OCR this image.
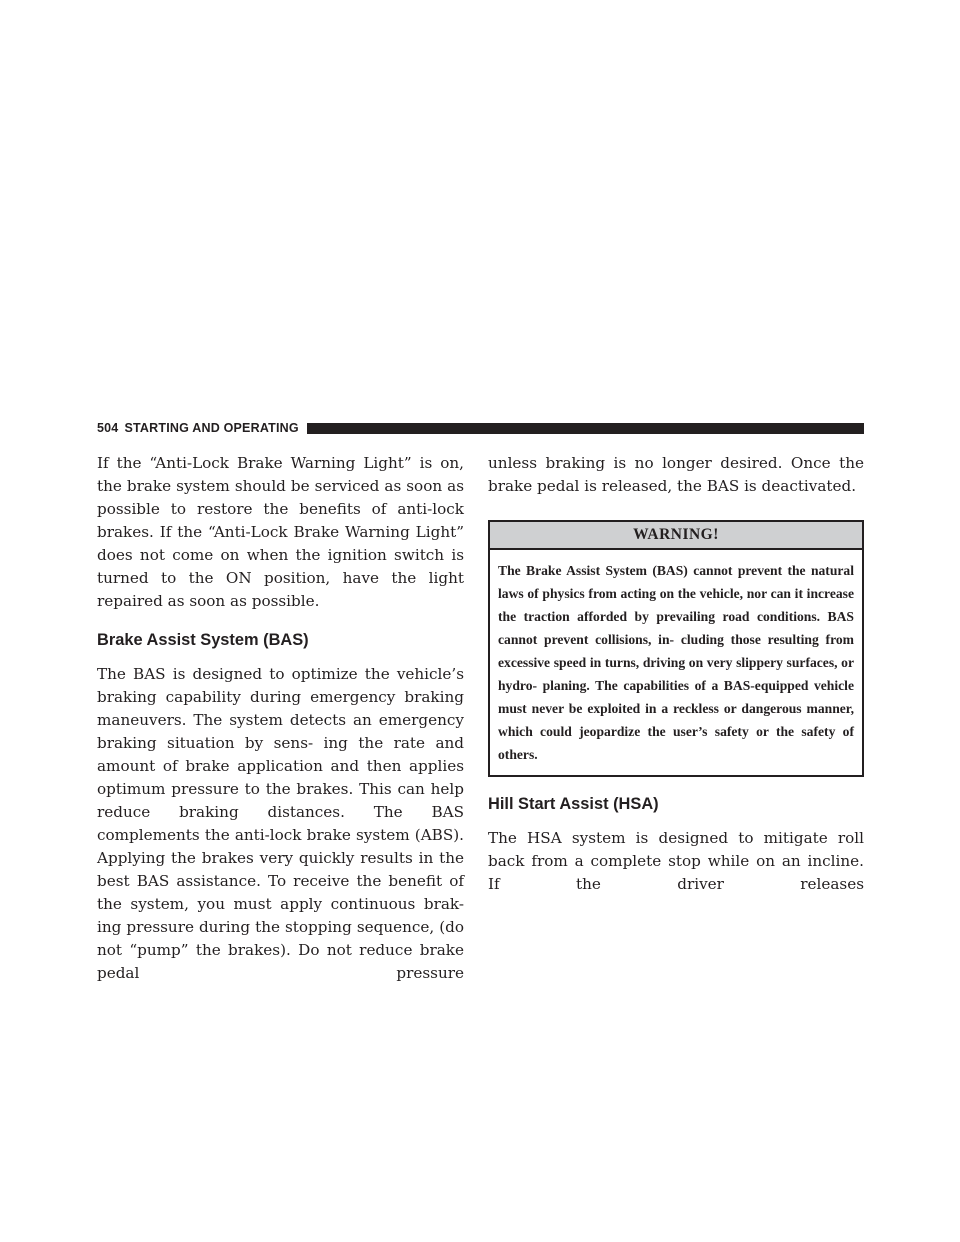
504 STARTING AND OPERATING

If the “Anti-Lock Brake Warning Light” is on, the brake system should be serviced as soon as possible to restore the benefits of anti-lock brakes. If the “Anti-Lock Brake Warning Light” does not come on when the ignition switch is turned to the ON position, have the light repaired as soon as possible.

Brake Assist System (BAS)

The BAS is designed to optimize the vehicle’s braking capability during emergency braking maneuvers. The system detects an emergency braking situation by sens- ing the rate and amount of brake application and then applies optimum pressure to the brakes. This can help reduce braking distances. The BAS complements the anti-lock brake system (ABS). Applying the brakes very quickly results in the best BAS assistance. To receive the benefit of the system, you must apply continuous brak- ing pressure during the stopping sequence, (do not “pump” the brakes). Do not reduce brake pedal pressure

unless braking is no longer desired. Once the brake pedal is released, the BAS is deactivated.

WARNING!
The Brake Assist System (BAS) cannot prevent the natural laws of physics from acting on the vehicle, nor can it increase the traction afforded by prevailing road conditions. BAS cannot prevent collisions, in- cluding those resulting from excessive speed in turns, driving on very slippery surfaces, or hydro- planing. The capabilities of a BAS-equipped vehicle must never be exploited in a reckless or dangerous manner, which could jeopardize the user’s safety or the safety of others.
Hill Start Assist (HSA)

The HSA system is designed to mitigate roll back from a complete stop while on an incline. If the driver releases
